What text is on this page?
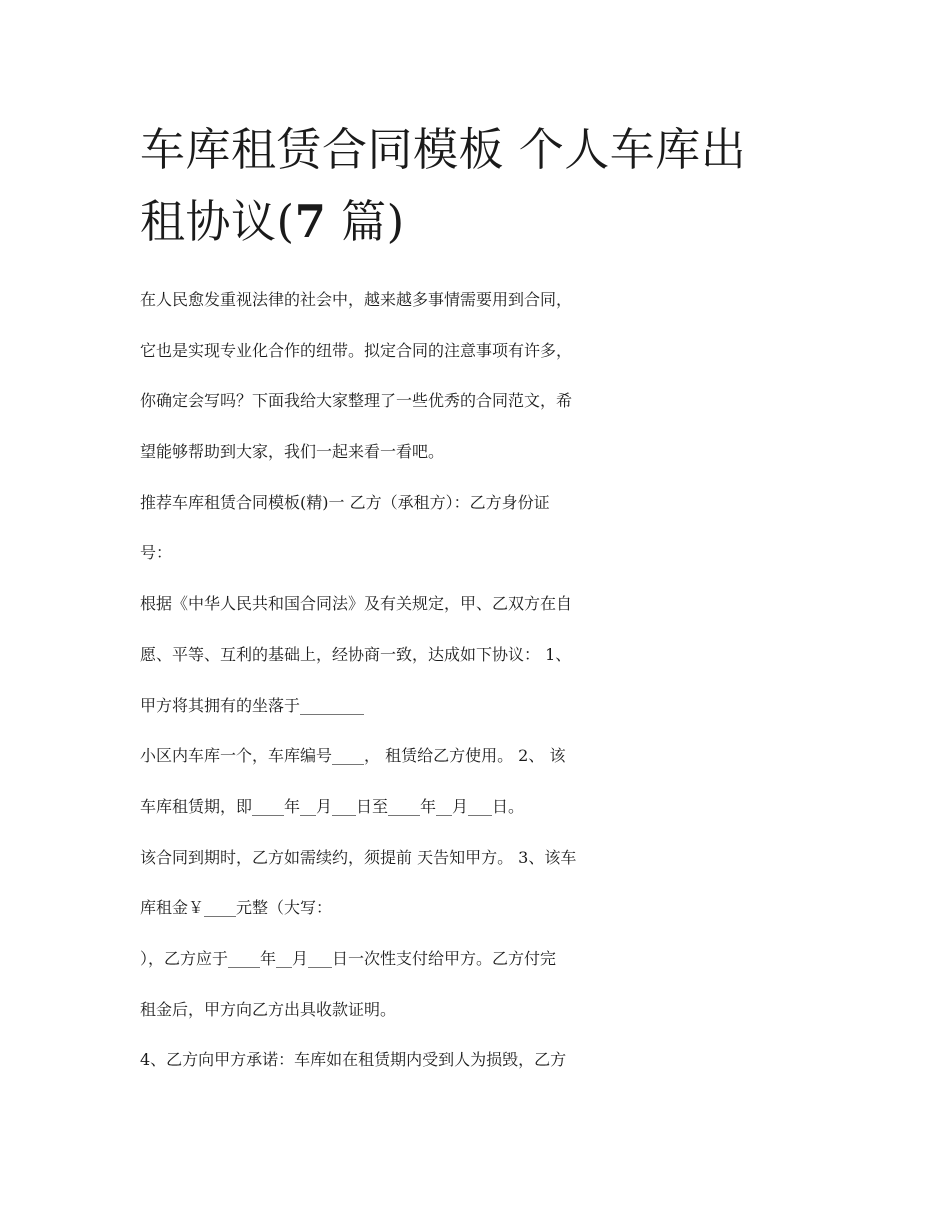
车库租赁合同模板 个人车库出
租协议(7 篇)
在人民愈发重视法律的社会中，越来越多事情需要用到合同，
它也是实现专业化合作的纽带。拟定合同的注意事项有许多，
你确定会写吗？下面我给大家整理了一些优秀的合同范文，希
望能够帮助到大家，我们一起来看一看吧。
推荐车库租赁合同模板(精)一 乙方（承租方）：乙方身份证
号：
根据《中华人民共和国合同法》及有关规定，甲、乙双方在自
愿、平等、互利的基础上，经协商一致，达成如下协议： 1、
甲方将其拥有的坐落于________
小区内车库一个，车库编号____， 租赁给乙方使用。 2、 该
车库租赁期，即____年__月___日至____年__月___日。
该合同到期时，乙方如需续约，须提前 天告知甲方。 3、该车
库租金￥____元整（大写：
），乙方应于____年__月___日一次性支付给甲方。乙方付完
租金后，甲方向乙方出具收款证明。
4、乙方向甲方承诺：车库如在租赁期内受到人为损毁，乙方
